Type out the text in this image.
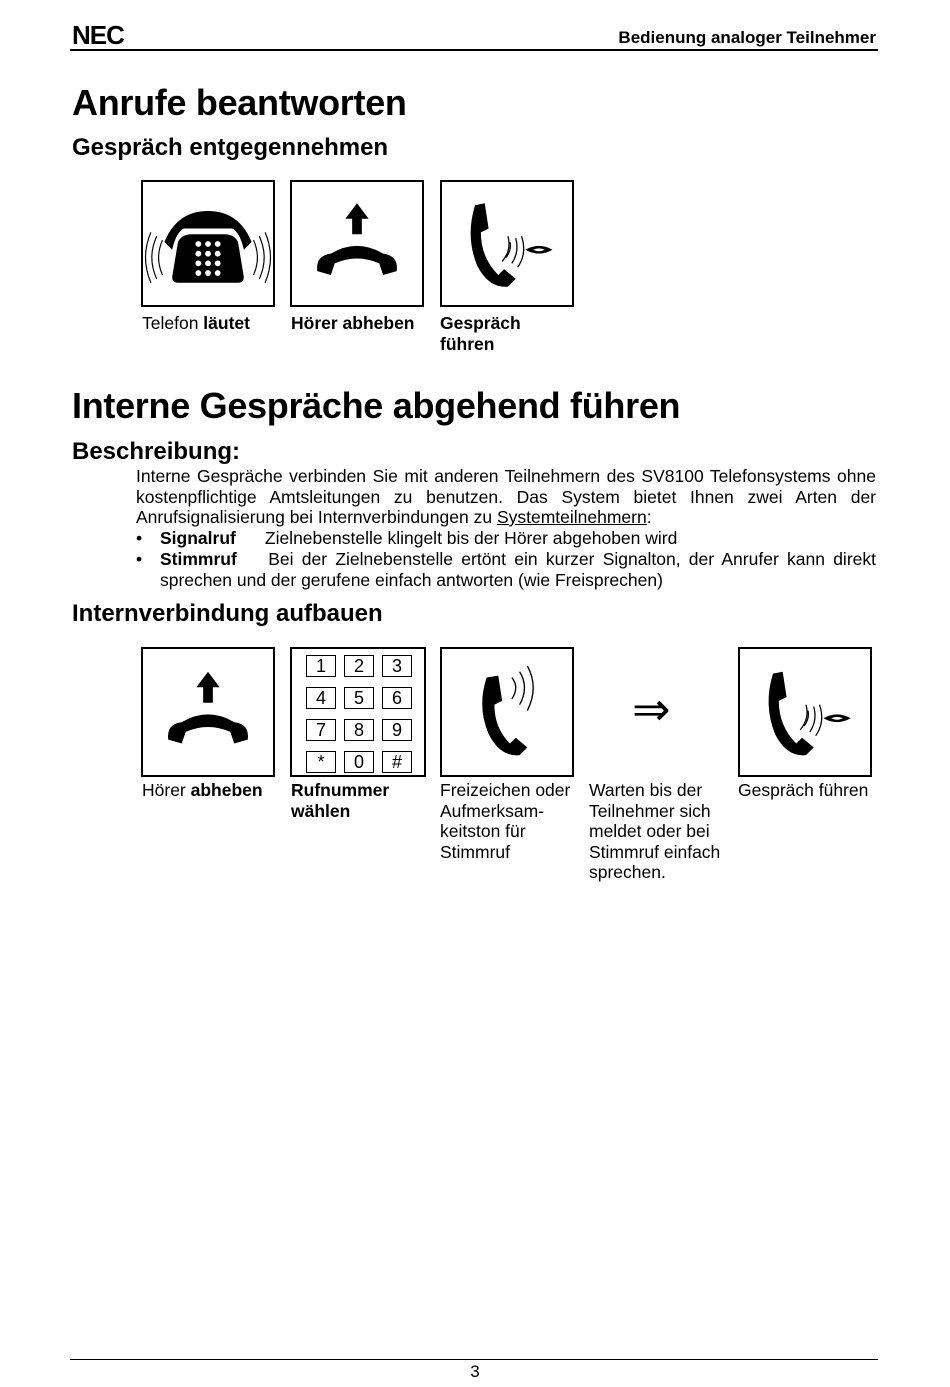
NEC	Bedienung analoger Teilnehmer
Anrufe beantworten
Gespräch entgegennehmen
Telefon läutet	Hörer abheben	Gespräch führen
Interne Gespräche abgehend führen
Beschreibung:
Interne Gespräche verbinden Sie mit anderen Teilnehmern des SV8100 Telefonsystems ohne kostenpflichtige Amtsleitungen zu benutzen. Das System bietet Ihnen zwei Arten der Anrufsignalisierung bei Internverbindungen zu Systemteilnehmern:
• Signalruf Zielnebenstelle klingelt bis der Hörer abgehoben wird
• Stimmruf Bei der Zielnebenstelle ertönt ein kurzer Signalton, der Anrufer kann direkt sprechen und der gerufene einfach antworten (wie Freisprechen)
Internverbindung aufbauen
1	2	3
4	5	6
7	8	9
*	0	#
⇒
Hörer abheben	Rufnummer wählen
Freizeichen oder Aufmerksam-keitston für Stimmruf
Warten bis der Teilnehmer sich meldet oder bei Stimmruf einfach sprechen.
Gespräch führen
3
